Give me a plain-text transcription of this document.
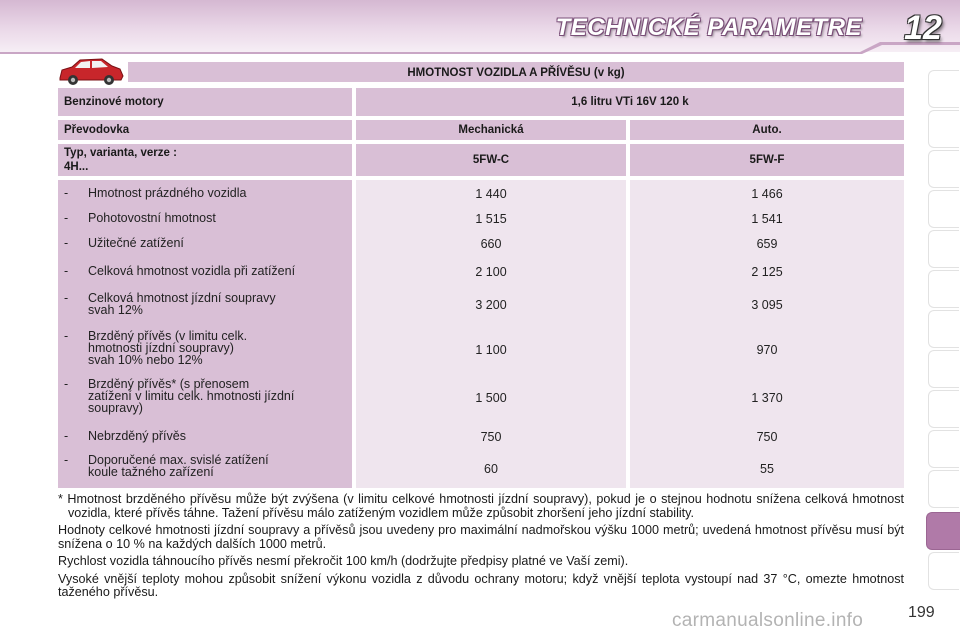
TECHNICKÉ PARAMETRE 12
HMOTNOST VOZIDLA A PŘÍVĚSU (v kg)
Benzinové motory	1,6 litru VTi 16V 120 k
Převodovka	Mechanická	Auto.
Typ, varianta, verze :
4H...
5FW-C	5FW-F
- Hmotnost prázdného vozidla	1 440	1 466
- Pohotovostní hmotnost	1 515	1 541
- Užitečné zatížení	660	659
- Celková hmotnost vozidla při zatížení	2 100	2 125
- Celková hmotnost jízdní soupravy
svah 12%	3 200	3 095
- Brzděný přívěs (v limitu celk.
hmotnosti jízdní soupravy)
svah 10% nebo 12%
1 100	970
- Brzděný přívěs* (s přenosem
zatížení v limitu celk. hmotnosti jízdní
soupravy)
1 500	1 370
- Nebrzděný přívěs	750	750
- Doporučené max. svislé zatížení
koule tažného zařízení	60	55

* Hmotnost brzděného přívěsu může být zvýšena (v limitu celkové hmotnosti jízdní soupravy), pokud je o stejnou hodnotu snížena celková hmotnost vozidla, které přívěs táhne. Tažení přívěsu málo zatíženým vozidlem může způsobit zhoršení jeho jízdní stability.

Hodnoty celkové hmotnosti jízdní soupravy a přívěsů jsou uvedeny pro maximální nadmořskou výšku 1000 metrů; uvedená hmotnost přívěsu musí být snížena o 10 % na každých dalších 1000 metrů.

Rychlost vozidla táhnoucího přívěs nesmí překročit 100 km/h (dodržujte předpisy platné ve Vaší zemi).

Vysoké vnější teploty mohou způsobit snížení výkonu vozidla z důvodu ochrany motoru; když vnější teplota vystoupí nad 37 °C, omezte hmotnost taženého přívěsu.

199
carmanualsonline.info
